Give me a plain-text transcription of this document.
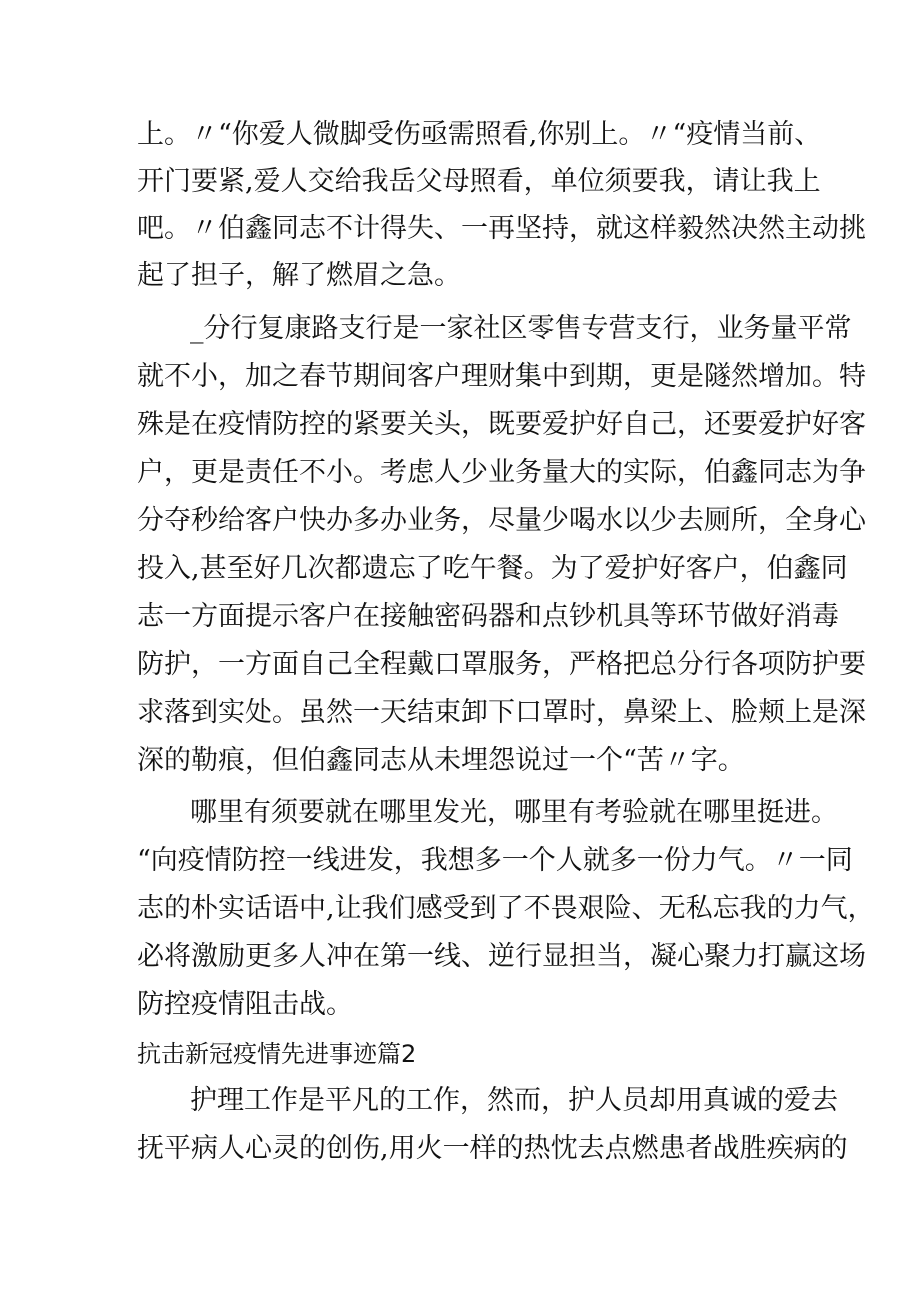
上。〃“你爱人微脚受伤亟需照看,你别上。〃“疫情当前、
开门要紧,爱人交给我岳父母照看，单位须要我，请让我上
吧。〃伯鑫同志不计得失、一再坚持，就这样毅然决然主动挑
起了担子，解了燃眉之急。
_分行复康路支行是一家社区零售专营支行，业务量平常
就不小，加之春节期间客户理财集中到期，更是隧然增加。特
殊是在疫情防控的紧要关头，既要爱护好自己，还要爱护好客
户，更是责任不小。考虑人少业务量大的实际，伯鑫同志为争
分夺秒给客户快办多办业务，尽量少喝水以少去厕所，全身心
投入,甚至好几次都遗忘了吃午餐。为了爱护好客户，伯鑫同
志一方面提示客户在接触密码器和点钞机具等环节做好消毒
防护，一方面自己全程戴口罩服务，严格把总分行各项防护要
求落到实处。虽然一天结束卸下口罩时，鼻梁上、脸颊上是深
深的勒痕，但伯鑫同志从未埋怨说过一个“苦〃字。
哪里有须要就在哪里发光，哪里有考验就在哪里挺进。
“向疫情防控一线进发，我想多一个人就多一份力气。〃一同
志的朴实话语中,让我们感受到了不畏艰险、无私忘我的力气，
必将激励更多人冲在第一线、逆行显担当，凝心聚力打赢这场
防控疫情阻击战。
抗击新冠疫情先进事迹篇2
护理工作是平凡的工作，然而，护人员却用真诚的爱去
抚平病人心灵的创伤,用火一样的热忱去点燃患者战胜疾病的
